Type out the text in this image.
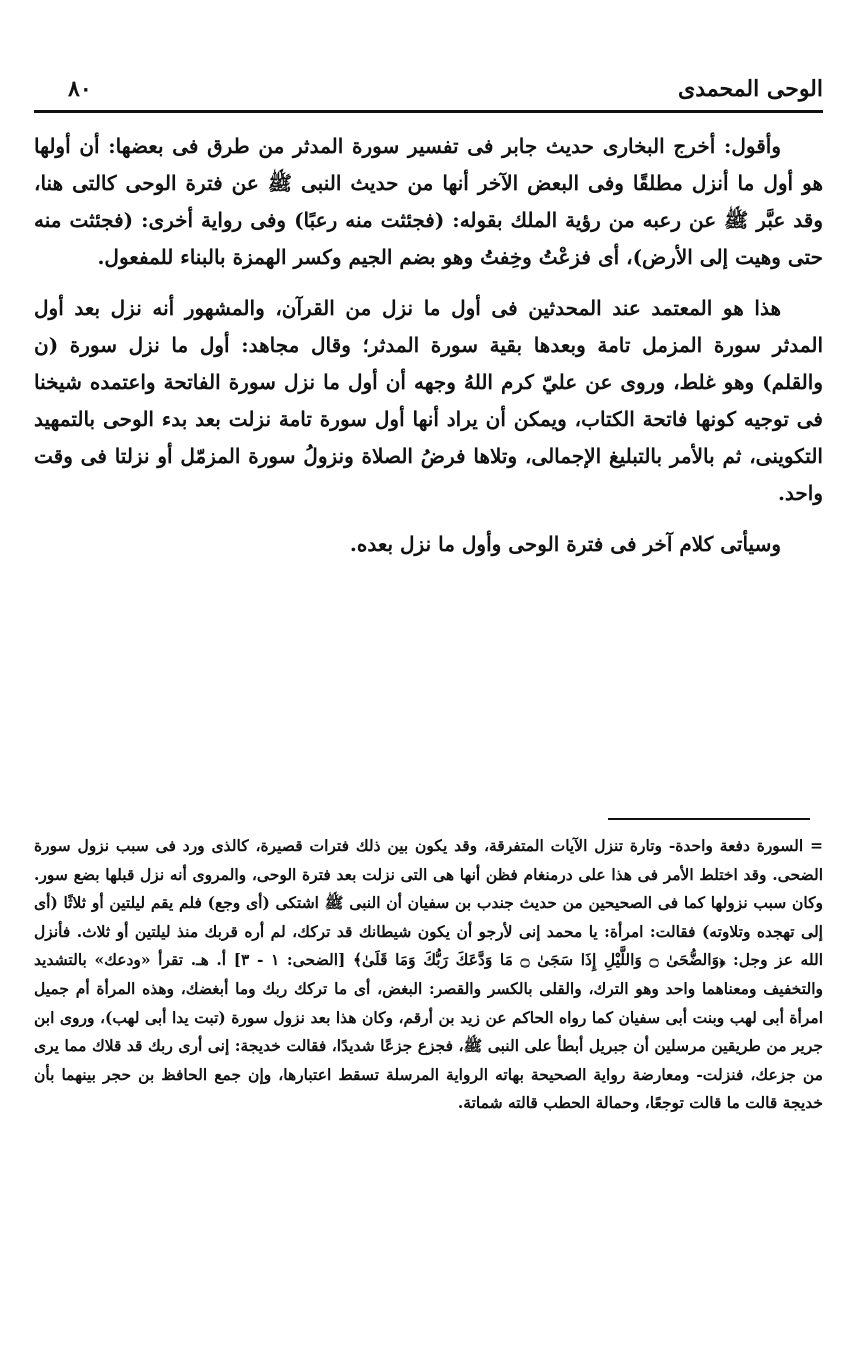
الوحى المحمدى
٨٠

وأقول: أخرج البخارى حديث جابر فى تفسير سورة المدثر من طرق فى بعضها: أن أولها هو أول ما أنزل مطلقًا وفى البعض الآخر أنها من حديث النبى ﷺ عن فترة الوحى كالتى هنا، وقد عبَّر ﷺ عن رعبه من رؤية الملك بقوله: (فجئثت منه رعبًا) وفى رواية أخرى: (فجئثت منه حتى وهيت إلى الأرض)، أى فزعْتُ وخِفتُ وهو بضم الجيم وكسر الهمزة بالبناء للمفعول.

هذا هو المعتمد عند المحدثين فى أول ما نزل من القرآن، والمشهور أنه نزل بعد أول المدثر سورة المزمل تامة وبعدها بقية سورة المدثر؛ وقال مجاهد: أول ما نزل سورة (ن والقلم) وهو غلط، وروى عن عليّ كرم اللهُ وجهه أن أول ما نزل سورة الفاتحة واعتمده شيخنا فى توجيه كونها فاتحة الكتاب، ويمكن أن يراد أنها أول سورة تامة نزلت بعد بدء الوحى بالتمهيد التكوينى، ثم بالأمر بالتبليغ الإجمالى، وتلاها فرضُ الصلاة ونزولُ سورة المزمّل أو نزلتا فى وقت واحد.

وسيأتى كلام آخر فى فترة الوحى وأول ما نزل بعده.

= السورة دفعة واحدة- وتارة تنزل الآيات المتفرقة، وقد يكون بين ذلك فترات قصيرة، كالذى ورد فى سبب نزول سورة الضحى. وقد اختلط الأمر فى هذا على درمنغام فظن أنها هى التى نزلت بعد فترة الوحى، والمروى أنه نزل قبلها بضع سور. وكان سبب نزولها كما فى الصحيحين من حديث جندب بن سفيان أن النبى ﷺ اشتكى (أى وجع) فلم يقم ليلتين أو ثلاثًا (أى إلى تهجده وتلاوته) فقالت: امرأة: يا محمد إنى لأرجو أن يكون شيطانك قد تركك، لم أره قربك منذ ليلتين أو ثلاث. فأنزل الله عز وجل: ﴿وَالضُّحَىٰ ۝ وَاللَّيْلِ إِذَا سَجَىٰ ۝ مَا وَدَّعَكَ رَبُّكَ وَمَا قَلَىٰ﴾ [الضحى: ١ - ٣] أ. هـ. تقرأ «ودعك» بالتشديد والتخفيف ومعناهما واحد وهو الترك، والقلى بالكسر والقصر: البغض، أى ما تركك ربك وما أبغضك، وهذه المرأة أم جميل امرأة أبى لهب وبنت أبى سفيان كما رواه الحاكم عن زيد بن أرقم، وكان هذا بعد نزول سورة (تبت يدا أبى لهب)، وروى ابن جرير من طريقين مرسلين أن جبريل أبطأ على النبى ﷺ، فجزع جزعًا شديدًا، فقالت خديجة: إنى أرى ربك قد قلاك مما يرى من جزعك، فنزلت- ومعارضة رواية الصحيحة بهاته الرواية المرسلة تسقط اعتبارها، وإن جمع الحافظ بن حجر بينهما بأن خديجة قالت ما قالت توجعًا، وحمالة الحطب قالته شماتة.
